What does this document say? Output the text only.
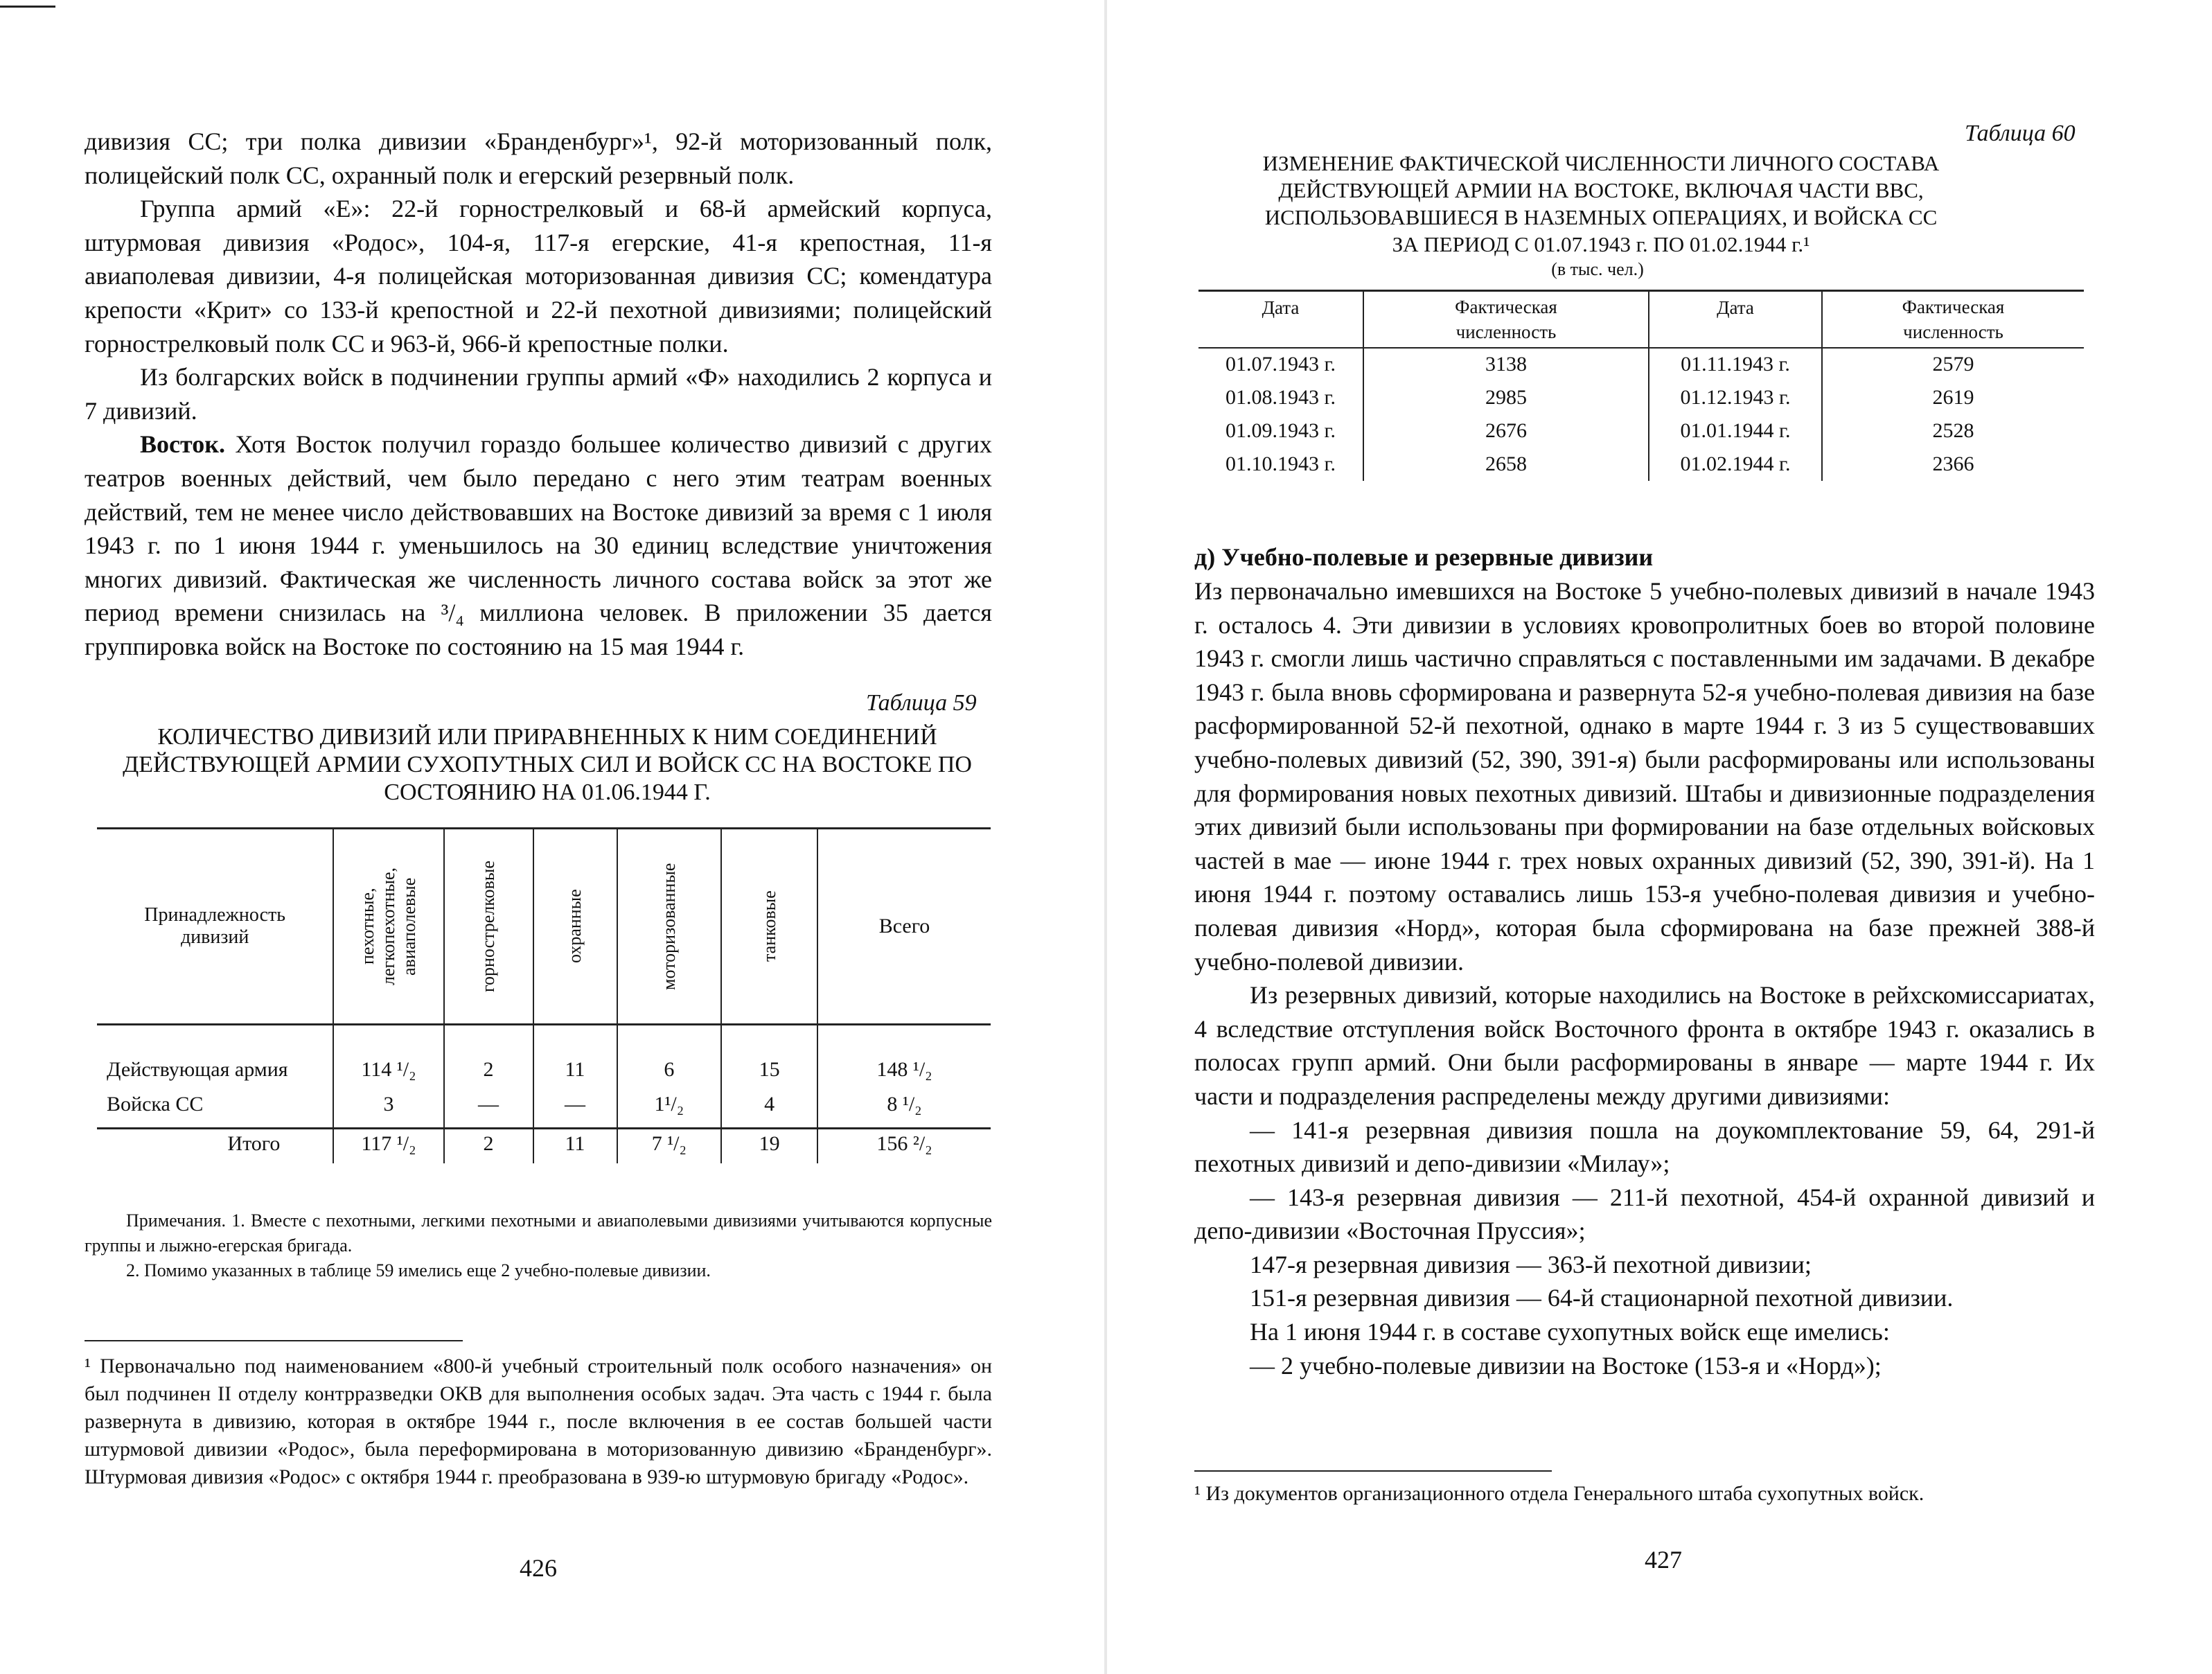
дивизия СС; три полка дивизии «Бранденбург»¹, 92-й моторизованный полк, полицейский полк СС, охранный полк и егерский резервный полк.

Группа армий «Е»: 22-й горнострелковый и 68-й армейский корпуса, штурмовая дивизия «Родос», 104-я, 117-я егерские, 41-я крепостная, 11-я авиаполевая дивизии, 4-я полицейская моторизованная дивизия СС; комендатура крепости «Крит» со 133-й крепостной и 22-й пехотной дивизиями; полицейский горнострелковый полк СС и 963-й, 966-й крепостные полки.

Из болгарских войск в подчинении группы армий «Ф» находились 2 корпуса и 7 дивизий.

Восток. Хотя Восток получил гораздо большее количество дивизий с других театров военных действий, чем было передано с него этим театрам военных действий, тем не менее число действовавших на Востоке дивизий за время с 1 июля 1943 г. по 1 июня 1944 г. уменьшилось на 30 единиц вследствие уничтожения многих дивизий. Фактическая же численность личного состава войск за этот же период времени снизилась на ³/₄ миллиона человек. В приложении 35 дается группировка войск на Востоке по состоянию на 15 мая 1944 г.

Таблица 59
КОЛИЧЕСТВО ДИВИЗИЙ ИЛИ ПРИРАВНЕННЫХ К НИМ СОЕДИНЕНИЙ ДЕЙСТВУЮЩЕЙ АРМИИ СУХОПУТНЫХ СИЛ И ВОЙСК СС НА ВОСТОКЕ ПО СОСТОЯНИЮ НА 01.06.1944 Г.
Принадлежность дивизий	пехотные, легкопехотные, авиаполевые	горнострелковые	охранные	моторизованные	танковые	Всего
Действующая армия	114 ¹/₂	2	11	6	15	148 ¹/₂
Войска СС	3	—	—	1¹/₂	4	8 ¹/₂
Итого	117 ¹/₂	2	11	7 ¹/₂	19	156 ²/₂

Примечания. 1. Вместе с пехотными, легкими пехотными и авиаполевыми дивизиями учитываются корпусные группы и лыжно-егерская бригада.

2. Помимо указанных в таблице 59 имелись еще 2 учебно-полевые дивизии.

¹ Первоначально под наименованием «800-й учебный строительный полк особого назначения» он был подчинен II отделу контрразведки ОКВ для выполнения особых задач. Эта часть с 1944 г. была развернута в дивизию, которая в октябре 1944 г., после включения в ее состав большей части штурмовой дивизии «Родос», была переформирована в моторизованную дивизию «Бранденбург». Штурмовая дивизия «Родос» с октября 1944 г. преобразована в 939-ю штурмовую бригаду «Родос».
426
Таблица 60
ИЗМЕНЕНИЕ ФАКТИЧЕСКОЙ ЧИСЛЕННОСТИ ЛИЧНОГО СОСТАВА
ДЕЙСТВУЮЩЕЙ АРМИИ НА ВОСТОКЕ, ВКЛЮЧАЯ ЧАСТИ ВВС,
ИСПОЛЬЗОВАВШИЕСЯ В НАЗЕМНЫХ ОПЕРАЦИЯХ, И ВОЙСКА СС
ЗА ПЕРИОД С 01.07.1943 г. ПО 01.02.1944 г.¹
(в тыс. чел.)
Дата	Фактическая численность	Дата	Фактическая численность
01.07.1943 г.	3138	01.11.1943 г.	2579
01.08.1943 г.	2985	01.12.1943 г.	2619
01.09.1943 г.	2676	01.01.1944 г.	2528
01.10.1943 г.	2658	01.02.1944 г.	2366
д) Учебно-полевые и резервные дивизии

Из первоначально имевшихся на Востоке 5 учебно-полевых дивизий в начале 1943 г. осталось 4. Эти дивизии в условиях кровопролитных боев во второй половине 1943 г. смогли лишь частично справляться с поставленными им задачами. В декабре 1943 г. была вновь сформирована и развернута 52-я учебно-полевая дивизия на базе расформированной 52-й пехотной, однако в марте 1944 г. 3 из 5 существовавших учебно-полевых дивизий (52, 390, 391-я) были расформированы или использованы для формирования новых пехотных дивизий. Штабы и дивизионные подразделения этих дивизий были использованы при формировании на базе отдельных войсковых частей в мае — июне 1944 г. трех новых охранных дивизий (52, 390, 391-й). На 1 июня 1944 г. поэтому оставались лишь 153-я учебно-полевая дивизия и учебно-полевая дивизия «Норд», которая была сформирована на базе прежней 388-й учебно-полевой дивизии.

Из резервных дивизий, которые находились на Востоке в рейхскомиссариатах, 4 вследствие отступления войск Восточного фронта в октябре 1943 г. оказались в полосах групп армий. Они были расформированы в январе — марте 1944 г. Их части и подразделения распределены между другими дивизиями:

— 141-я резервная дивизия пошла на доукомплектование 59, 64, 291-й пехотных дивизий и депо-дивизии «Милау»;

— 143-я резервная дивизия — 211-й пехотной, 454-й охранной дивизий и депо-дивизии «Восточная Пруссия»;

147-я резервная дивизия — 363-й пехотной дивизии;

151-я резервная дивизия — 64-й стационарной пехотной дивизии.

На 1 июня 1944 г. в составе сухопутных войск еще имелись:

— 2 учебно-полевые дивизии на Востоке (153-я и «Норд»);

¹ Из документов организационного отдела Генерального штаба сухопутных войск.
427
